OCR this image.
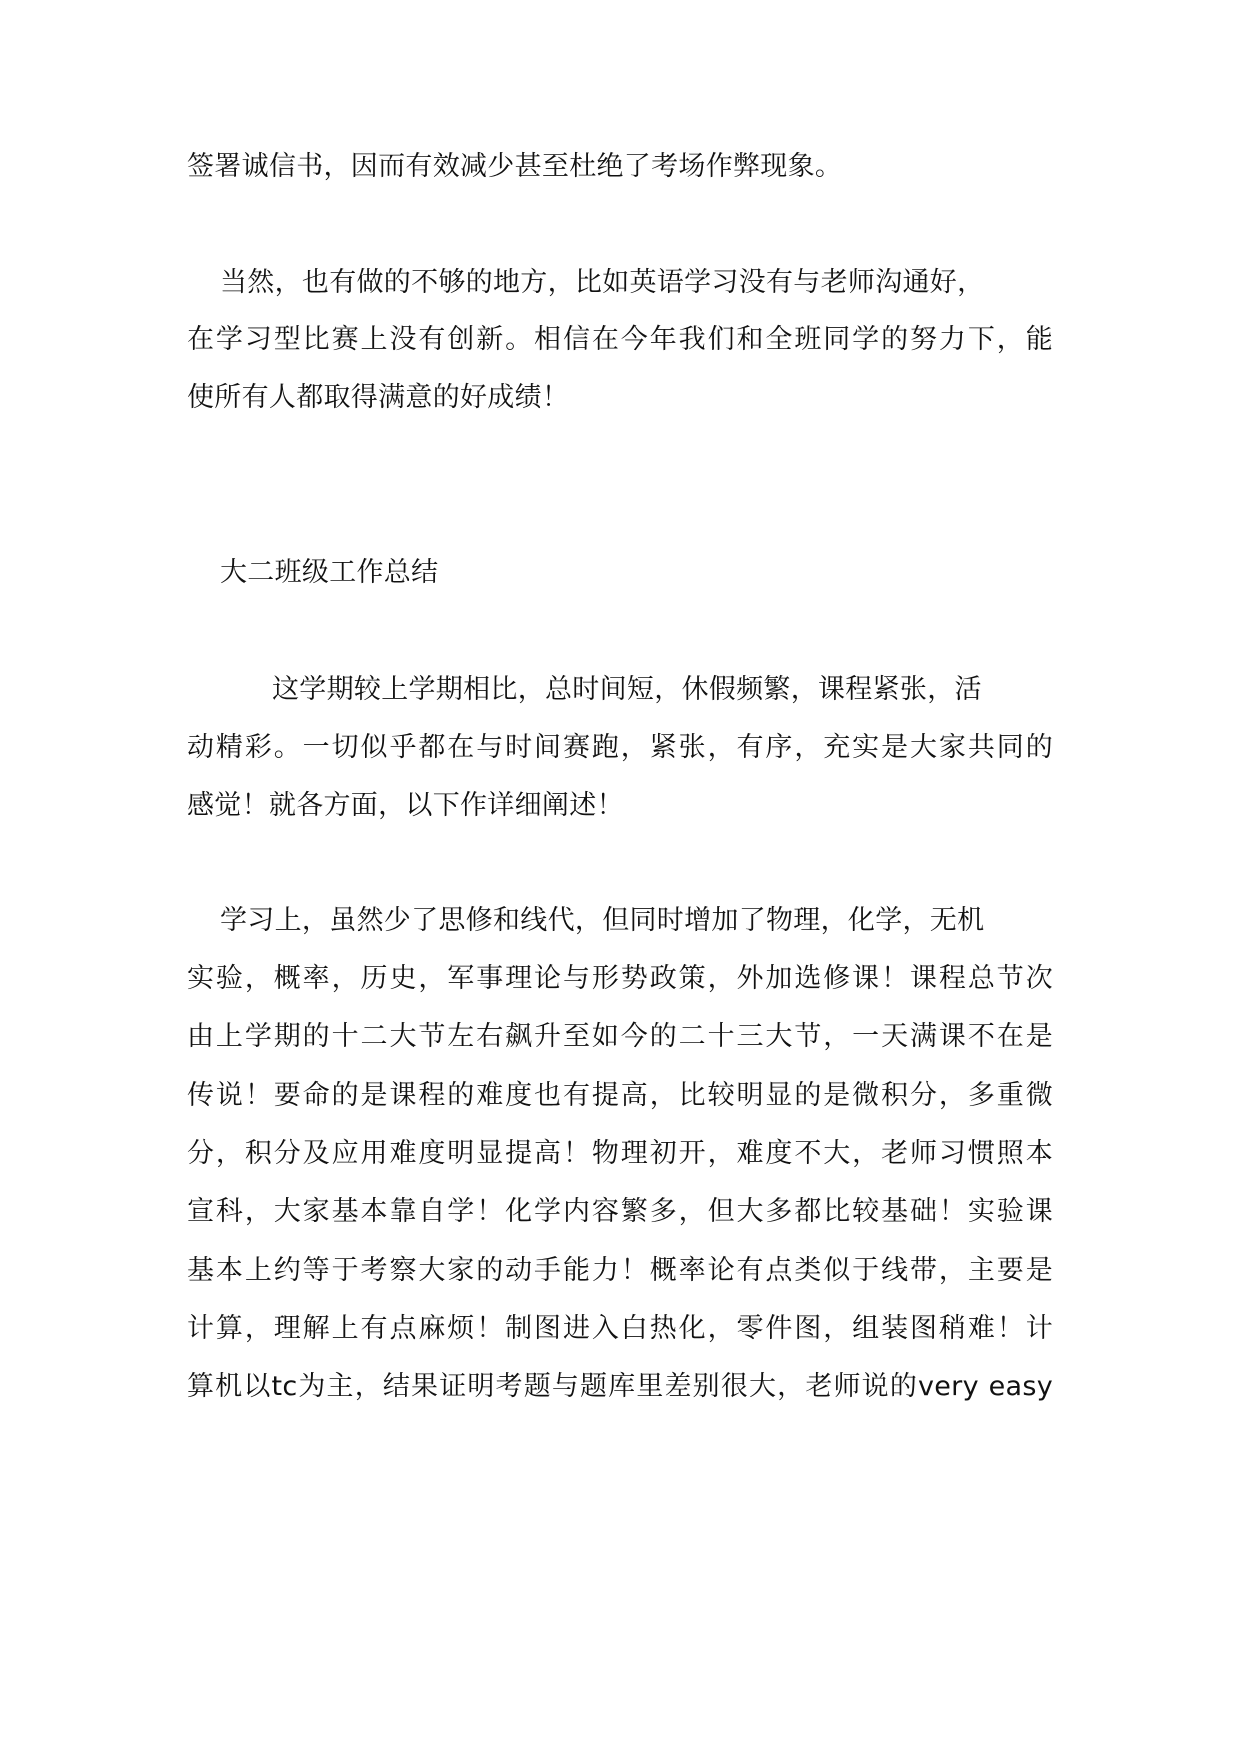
签署诚信书，因而有效减少甚至杜绝了考场作弊现象。
当然，也有做的不够的地方，比如英语学习没有与老师沟通好，
在学习型比赛上没有创新。相信在今年我们和全班同学的努力下，能
使所有人都取得满意的好成绩！
大二班级工作总结
这学期较上学期相比，总时间短，休假频繁，课程紧张，活
动精彩。一切似乎都在与时间赛跑，紧张，有序，充实是大家共同的
感觉！就各方面，以下作详细阐述！
学习上，虽然少了思修和线代，但同时增加了物理，化学，无机
实验，概率，历史，军事理论与形势政策，外加选修课！课程总节次
由上学期的十二大节左右飙升至如今的二十三大节，一天满课不在是
传说！要命的是课程的难度也有提高，比较明显的是微积分，多重微
分，积分及应用难度明显提高！物理初开，难度不大，老师习惯照本
宣科，大家基本靠自学！化学内容繁多，但大多都比较基础！实验课
基本上约等于考察大家的动手能力！概率论有点类似于线带，主要是
计算，理解上有点麻烦！制图进入白热化，零件图，组装图稍难！计
算机以tc为主，结果证明考题与题库里差别很大，老师说的very easy
